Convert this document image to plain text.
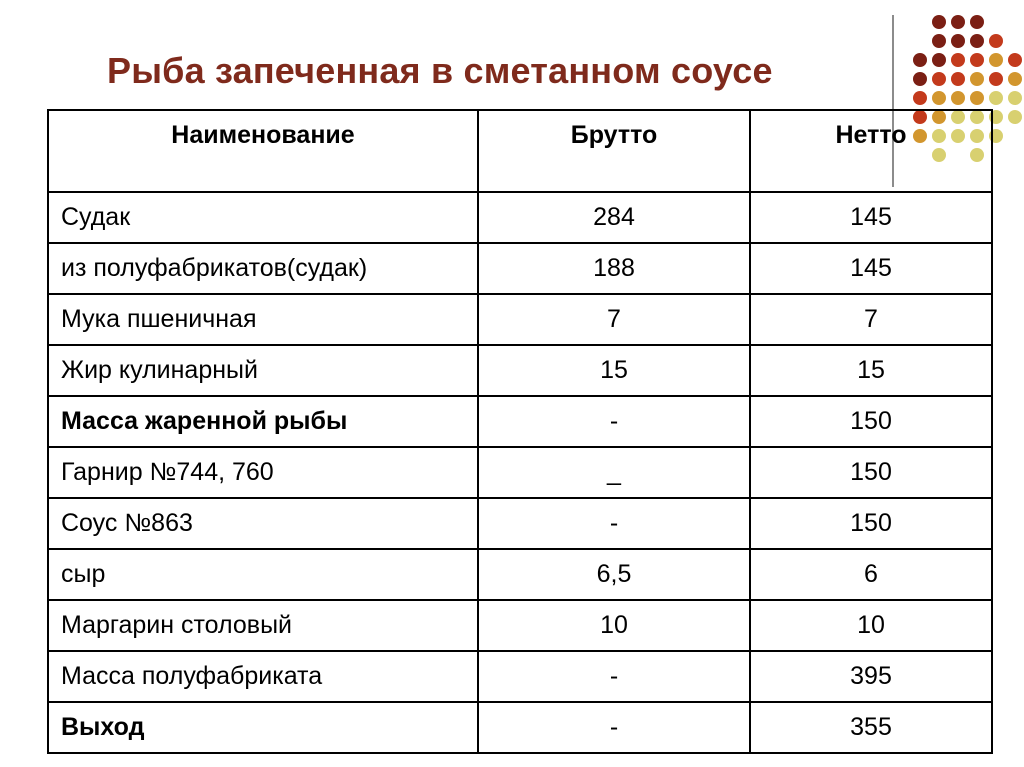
Рыба запеченная в сметанном соусе
Наименование	Брутто	Нетто
Судак	284	145
из полуфабрикатов(судак)	188	145
Мука пшеничная	7	7
Жир кулинарный	15	15
Масса жаренной рыбы	-	150
Гарнир №744, 760	_	150
Соус №863	-	150
сыр	6,5	6
Маргарин столовый	10	10
Масса полуфабриката	-	395
Выход	-	355
